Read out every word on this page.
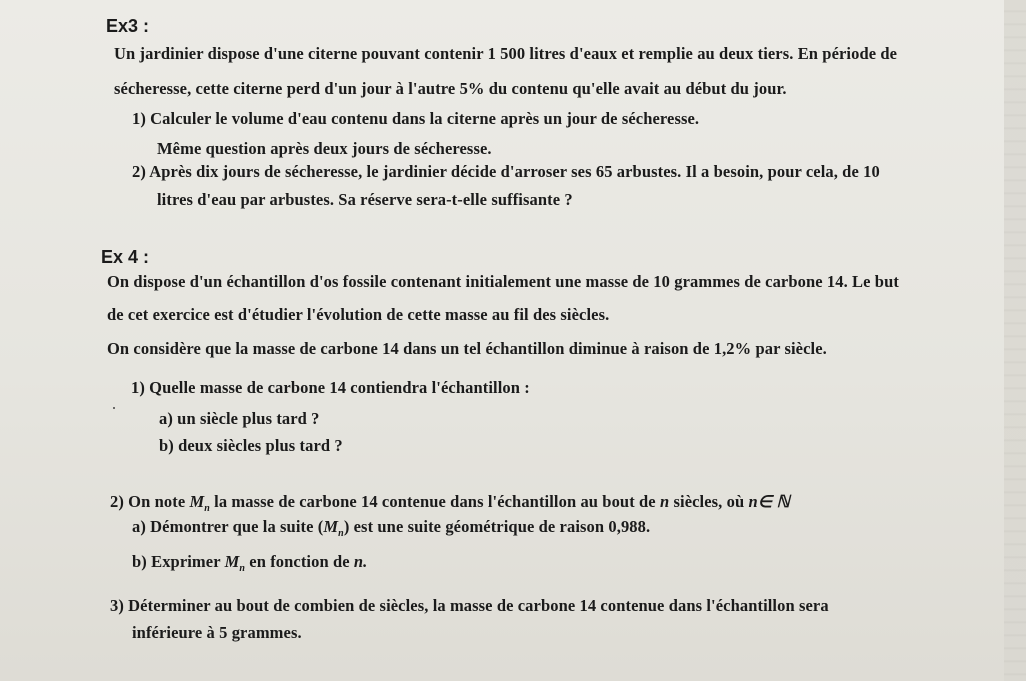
Ex3 :
Un jardinier dispose d'une citerne pouvant contenir 1 500 litres d'eaux et remplie au deux tiers. En période de
sécheresse, cette citerne perd d'un jour à l'autre 5% du contenu qu'elle avait au début du jour.
1) Calculer le volume d'eau contenu dans la citerne après un jour de sécheresse.
Même question après deux jours de sécheresse.
2) Après dix jours de sécheresse, le jardinier décide d'arroser ses 65 arbustes. Il a besoin, pour cela, de 10
litres d'eau par arbustes. Sa réserve sera-t-elle suffisante ?
Ex 4 :
On dispose d'un échantillon d'os fossile contenant initialement une masse de 10 grammes de carbone 14. Le but
de cet exercice est d'étudier l'évolution de cette masse au fil des siècles.
On considère que la masse de carbone 14 dans un tel échantillon diminue à raison de 1,2% par siècle.
1) Quelle masse de carbone 14 contiendra l'échantillon :
a) un siècle plus tard ?
b) deux siècles plus tard ?
2) On note $M_n$ la masse de carbone 14 contenue dans l'échantillon au bout de n siècles, où n∈ ℕ
a) Démontrer que la suite $(M_n)$ est une suite géométrique de raison 0,988.
b) Exprimer $M_n$ en fonction de n.
3) Déterminer au bout de combien de siècles, la masse de carbone 14 contenue dans l'échantillon sera
inférieure à 5 grammes.
